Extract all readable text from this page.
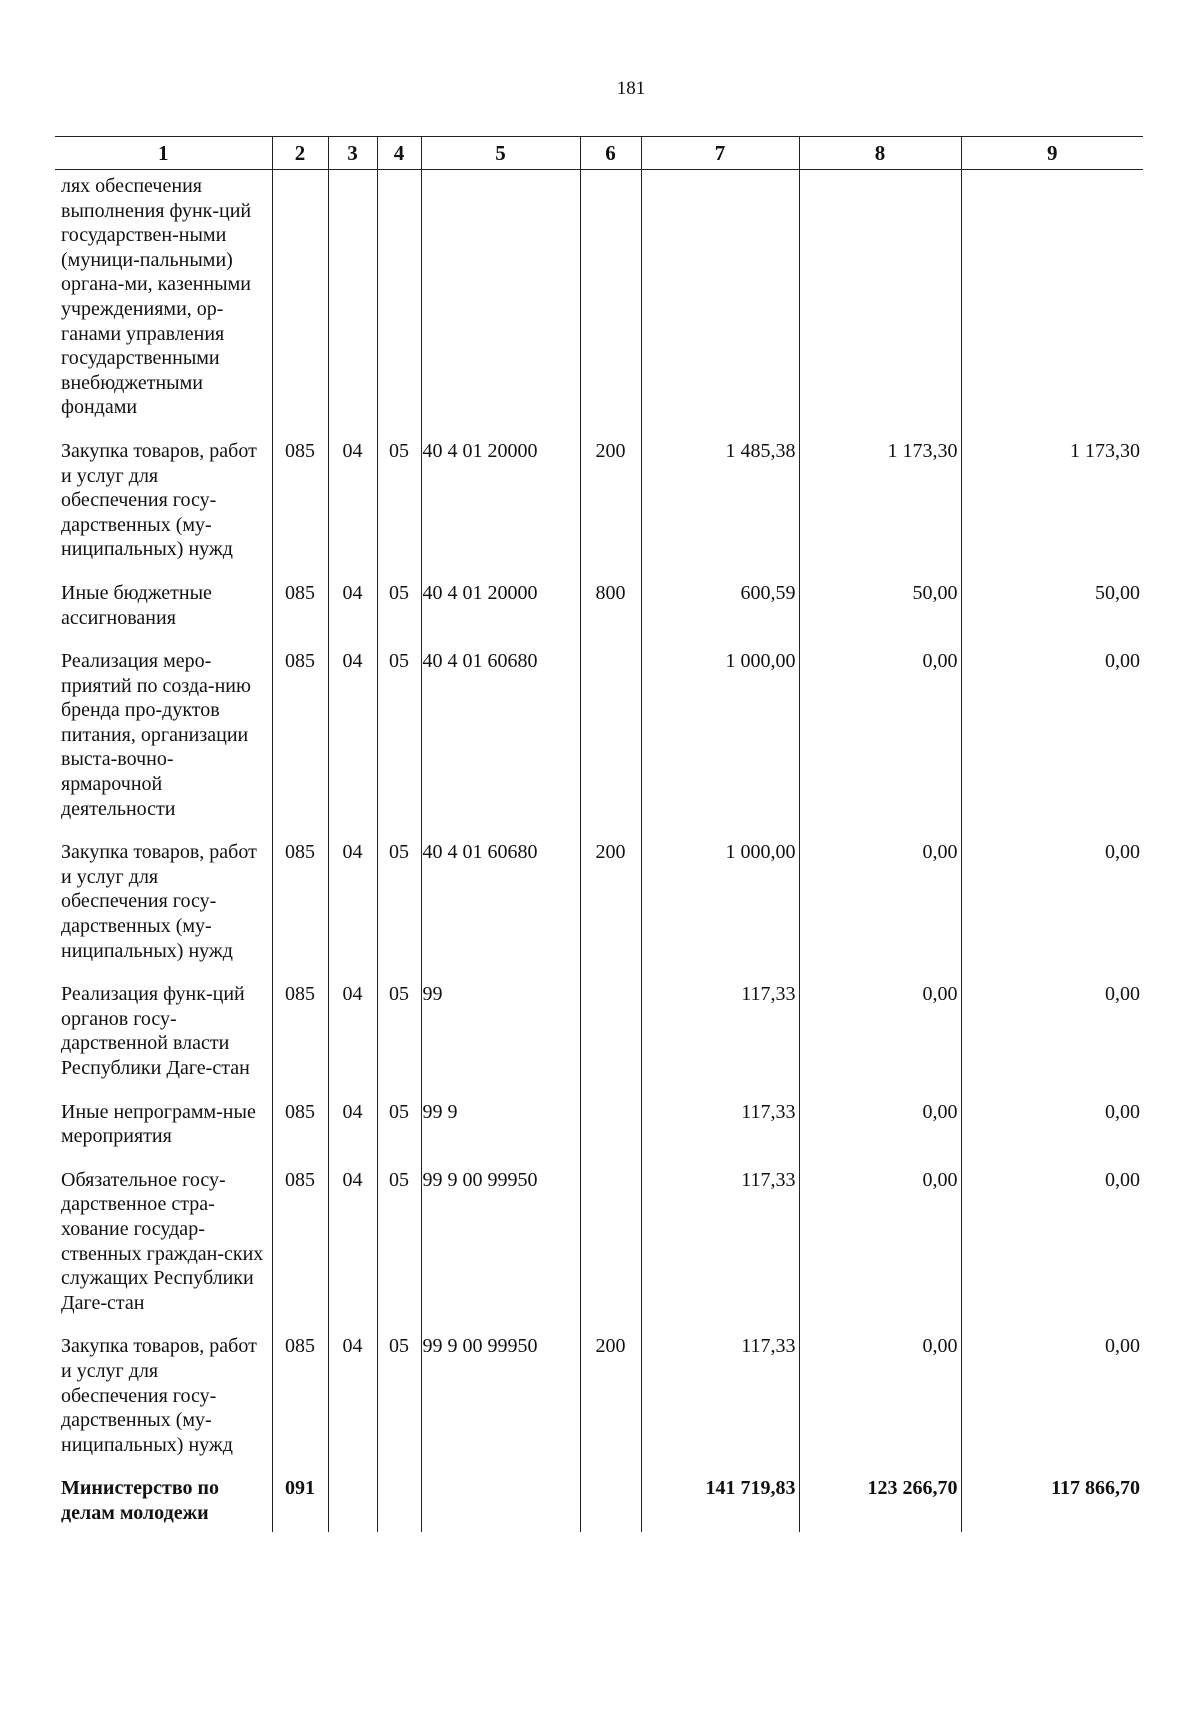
181
1	2	3	4	5	6	7	8	9
лях обеспечения выполнения функ-ций государствен-ными (муници-пальными) органа-ми, казенными учреждениями, ор-ганами управления государственными внебюджетными фондами								
Закупка товаров, работ и услуг для обеспечения госу-дарственных (му-ниципальных) нужд	085	04	05	40 4 01 20000	200	1 485,38	1 173,30	1 173,30
Иные бюджетные ассигнования	085	04	05	40 4 01 20000	800	600,59	50,00	50,00
Реализация меро-приятий по созда-нию бренда про-дуктов питания, организации выста-вочно-ярмарочной деятельности	085	04	05	40 4 01 60680		1 000,00	0,00	0,00
Закупка товаров, работ и услуг для обеспечения госу-дарственных (му-ниципальных) нужд	085	04	05	40 4 01 60680	200	1 000,00	0,00	0,00
Реализация функ-ций органов госу-дарственной власти Республики Даге-стан	085	04	05	99		117,33	0,00	0,00
Иные непрограмм-ные мероприятия	085	04	05	99 9		117,33	0,00	0,00
Обязательное госу-дарственное стра-хование государ-ственных граждан-ских служащих Республики Даге-стан	085	04	05	99 9 00 99950		117,33	0,00	0,00
Закупка товаров, работ и услуг для обеспечения госу-дарственных (му-ниципальных) нужд	085	04	05	99 9 00 99950	200	117,33	0,00	0,00
Министерство по делам молодежи	091					141 719,83	123 266,70	117 866,70
